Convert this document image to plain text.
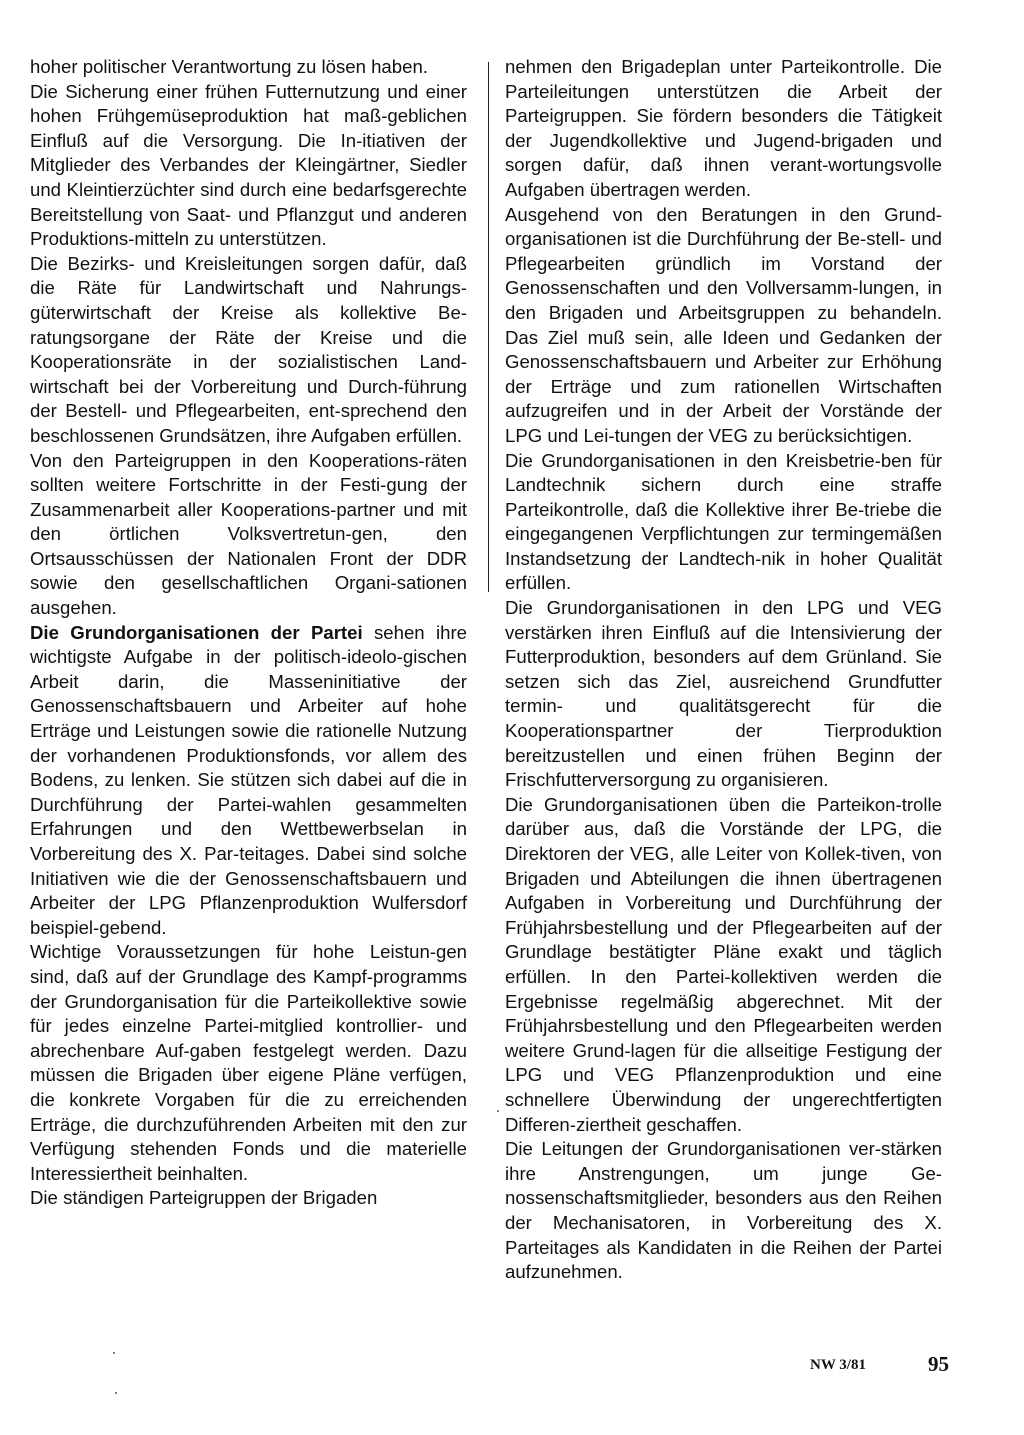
hoher politischer Verantwortung zu lösen haben.

Die Sicherung einer frühen Futternutzung und einer hohen Frühgemüseproduktion hat maß-geblichen Einfluß auf die Versorgung. Die In-itiativen der Mitglieder des Verbandes der Kleingärtner, Siedler und Kleintierzüchter sind durch eine bedarfsgerechte Bereitstellung von Saat- und Pflanzgut und anderen Produktions-mitteln zu unterstützen.

Die Bezirks- und Kreisleitungen sorgen dafür, daß die Räte für Landwirtschaft und Nahrungs-güterwirtschaft der Kreise als kollektive Be-ratungsorgane der Räte der Kreise und die Kooperationsräte in der sozialistischen Land-wirtschaft bei der Vorbereitung und Durch-führung der Bestell- und Pflegearbeiten, ent-sprechend den beschlossenen Grundsätzen, ihre Aufgaben erfüllen.

Von den Parteigruppen in den Kooperations-räten sollten weitere Fortschritte in der Festi-gung der Zusammenarbeit aller Kooperations-partner und mit den örtlichen Volksvertretun-gen, den Ortsausschüssen der Nationalen Front der DDR sowie den gesellschaftlichen Organi-sationen ausgehen.

Die Grundorganisationen der Partei sehen ihre wichtigste Aufgabe in der politisch-ideolo-gischen Arbeit darin, die Masseninitiative der Genossenschaftsbauern und Arbeiter auf hohe Erträge und Leistungen sowie die rationelle Nutzung der vorhandenen Produktionsfonds, vor allem des Bodens, zu lenken. Sie stützen sich dabei auf die in Durchführung der Partei-wahlen gesammelten Erfahrungen und den Wettbewerbselan in Vorbereitung des X. Par-teitages. Dabei sind solche Initiativen wie die der Genossenschaftsbauern und Arbeiter der LPG Pflanzenproduktion Wulfersdorf beispiel-gebend.

Wichtige Voraussetzungen für hohe Leistun-gen sind, daß auf der Grundlage des Kampf-programms der Grundorganisation für die Parteikollektive sowie für jedes einzelne Partei-mitglied kontrollier- und abrechenbare Auf-gaben festgelegt werden. Dazu müssen die Brigaden über eigene Pläne verfügen, die konkrete Vorgaben für die zu erreichenden Erträge, die durchzuführenden Arbeiten mit den zur Verfügung stehenden Fonds und die materielle Interessiertheit beinhalten.

Die ständigen Parteigruppen der Brigaden

nehmen den Brigadeplan unter Parteikontrolle. Die Parteileitungen unterstützen die Arbeit der Parteigruppen. Sie fördern besonders die Tätigkeit der Jugendkollektive und Jugend-brigaden und sorgen dafür, daß ihnen verant-wortungsvolle Aufgaben übertragen werden.

Ausgehend von den Beratungen in den Grund-organisationen ist die Durchführung der Be-stell- und Pflegearbeiten gründlich im Vorstand der Genossenschaften und den Vollversamm-lungen, in den Brigaden und Arbeitsgruppen zu behandeln. Das Ziel muß sein, alle Ideen und Gedanken der Genossenschaftsbauern und Arbeiter zur Erhöhung der Erträge und zum rationellen Wirtschaften aufzugreifen und in der Arbeit der Vorstände der LPG und Lei-tungen der VEG zu berücksichtigen.

Die Grundorganisationen in den Kreisbetrie-ben für Landtechnik sichern durch eine straffe Parteikontrolle, daß die Kollektive ihrer Be-triebe die eingegangenen Verpflichtungen zur termingemäßen Instandsetzung der Landtech-nik in hoher Qualität erfüllen.

Die Grundorganisationen in den LPG und VEG verstärken ihren Einfluß auf die Intensivierung der Futterproduktion, besonders auf dem Grünland. Sie setzen sich das Ziel, ausreichend Grundfutter termin- und qualitätsgerecht für die Kooperationspartner der Tierproduktion bereitzustellen und einen frühen Beginn der Frischfutterversorgung zu organisieren.

Die Grundorganisationen üben die Parteikon-trolle darüber aus, daß die Vorstände der LPG, die Direktoren der VEG, alle Leiter von Kollek-tiven, von Brigaden und Abteilungen die ihnen übertragenen Aufgaben in Vorbereitung und Durchführung der Frühjahrsbestellung und der Pflegearbeiten auf der Grundlage bestätigter Pläne exakt und täglich erfüllen. In den Partei-kollektiven werden die Ergebnisse regelmäßig abgerechnet. Mit der Frühjahrsbestellung und den Pflegearbeiten werden weitere Grund-lagen für die allseitige Festigung der LPG und VEG Pflanzenproduktion und eine schnellere Überwindung der ungerechtfertigten Differen-ziertheit geschaffen.

Die Leitungen der Grundorganisationen ver-stärken ihre Anstrengungen, um junge Ge-nossenschaftsmitglieder, besonders aus den Reihen der Mechanisatoren, in Vorbereitung des X. Parteitages als Kandidaten in die Reihen der Partei aufzunehmen.

NW 3/81	95
